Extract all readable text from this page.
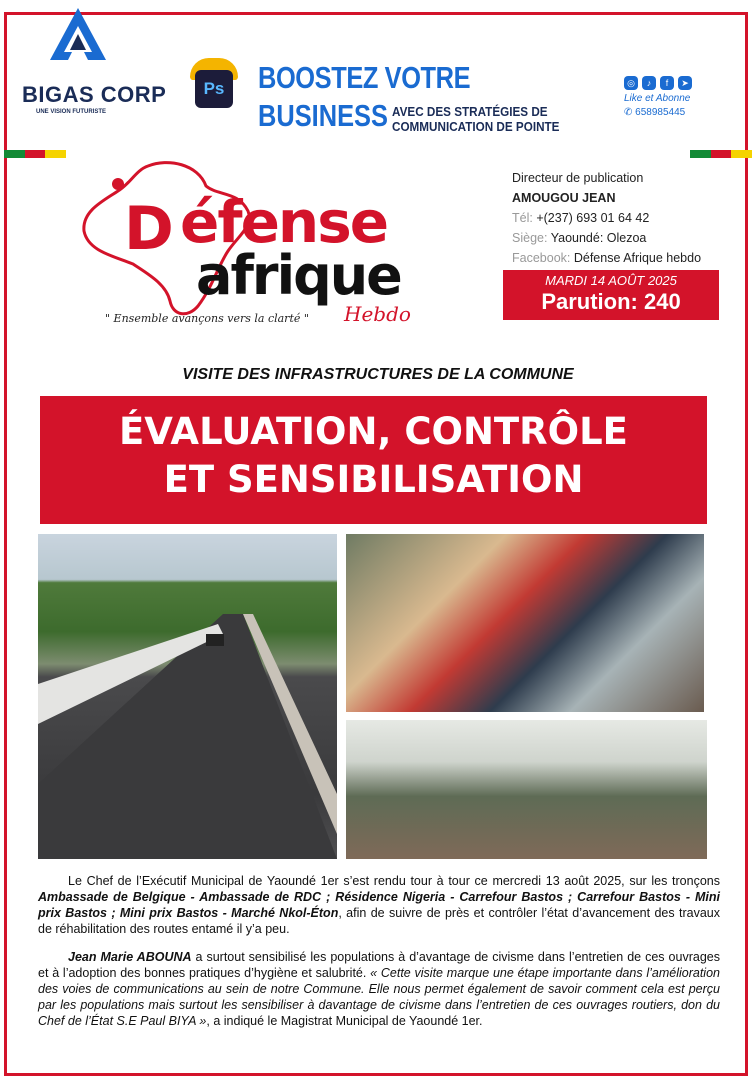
BIGAS CORP
UNE VISION FUTURISTE
Ps BOOSTEZ VOTRE
BUSINESS AVEC DES STRATÉGIES DE
COMMUNICATION DE POINTE
◎	♪	f	➤
Like et Abonne
✆ 658985445
D éfense
afrique
" Ensemble avançons vers la clarté " Hebdo
Directeur de publication
AMOUGOU JEAN
Tél: +(237) 693 01 64 42
Siège: Yaoundé: Olezoa
Facebook: Défense Afrique hebdo
MARDI 14 AOÛT 2025
Parution: 240
VISITE DES INFRASTRUCTURES DE LA COMMUNE
ÉVALUATION, CONTRÔLE
ET SENSIBILISATION
Le Chef de l’Exécutif Municipal de Yaoundé 1er s’est rendu tour à tour ce mercredi 13 août 2025, sur les tronçons Ambassade de Belgique - Ambassade de RDC ; Résidence Nigeria - Carrefour Bastos ; Carrefour Bastos - Mini prix Bastos ; Mini prix Bastos - Marché Nkol-Éton, afin de suivre de près et contrôler l’état d’avancement des travaux de réhabilitation des routes entamé il y’a peu.
Jean Marie ABOUNA a surtout sensibilisé les populations à d’avantage de civisme dans l’entretien de ces ouvrages et à l’adoption des bonnes pratiques d’hygiène et salubrité. « Cette visite marque une étape importante dans l’amélioration des voies de communications au sein de notre Commune. Elle nous permet également de savoir comment cela est perçu par les populations mais surtout les sensibiliser à davantage de civisme dans l’entretien de ces ouvrages routiers, don du Chef de l’État S.E Paul BIYA », a indiqué le Magistrat Municipal de Yaoundé 1er.
